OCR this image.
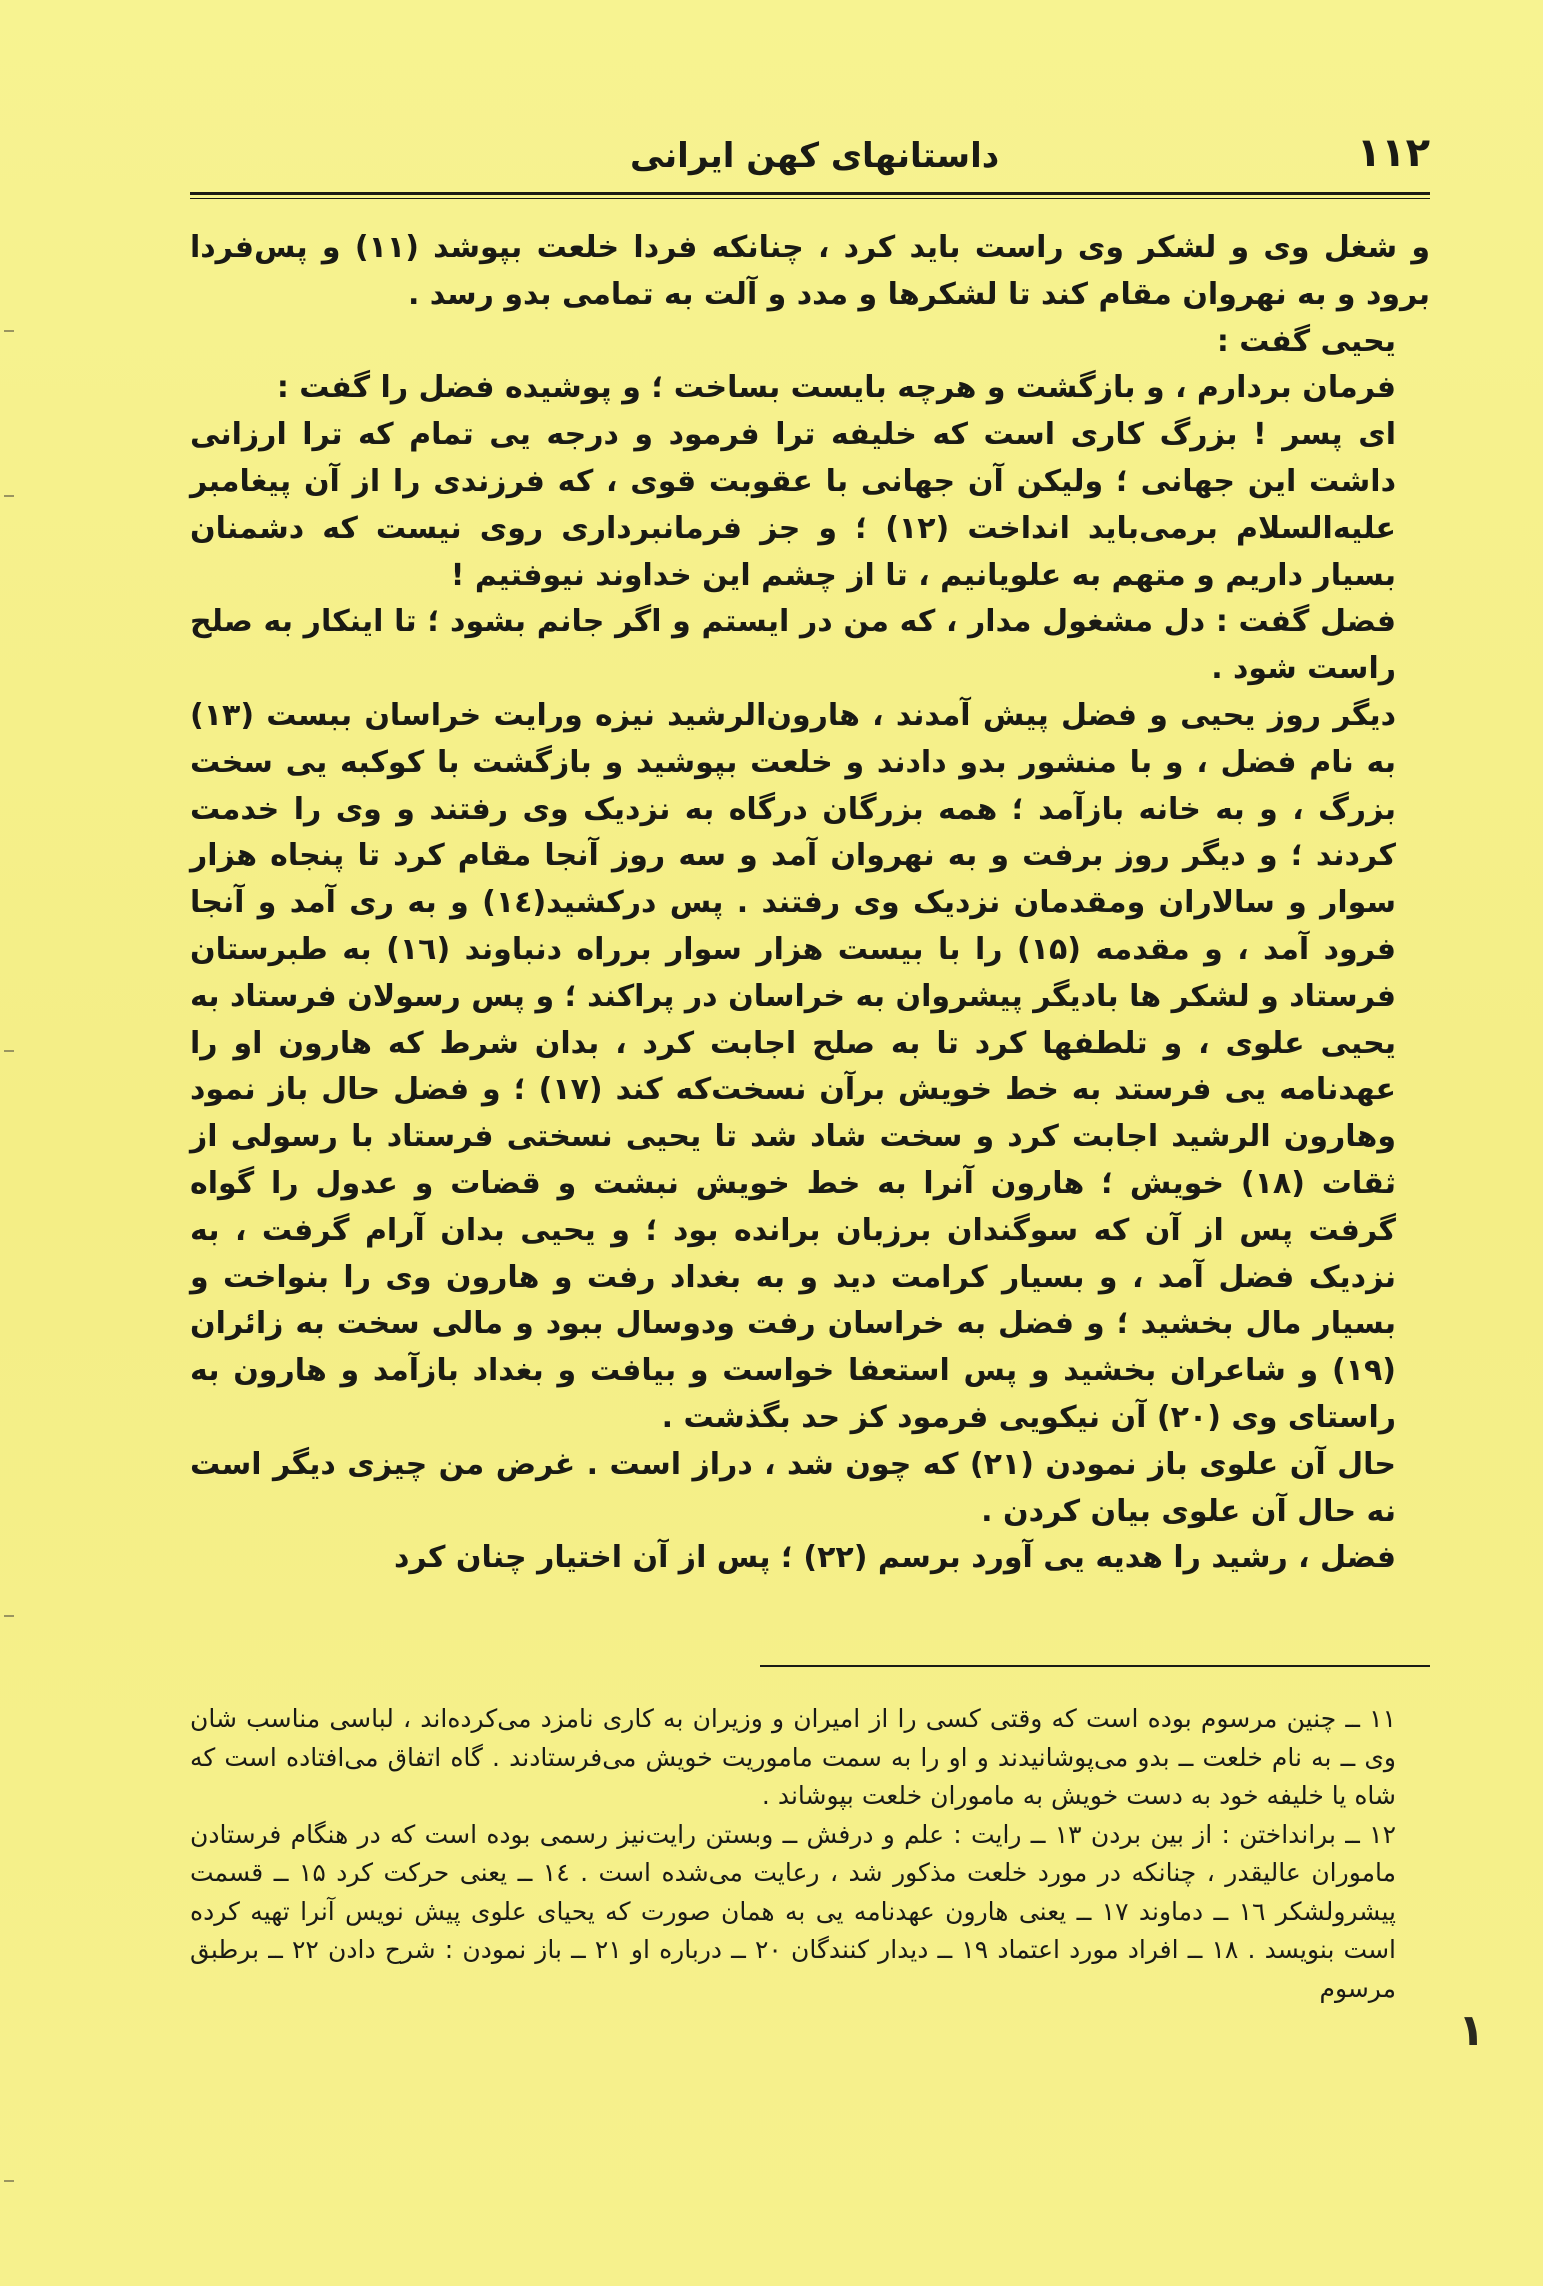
۱۱۲
داستانهای کهن ایرانی

و شغل وی و لشکر وی راست باید کرد ، چنانکه فردا خلعت بپوشد (۱۱) و پس‌فردا برود و به نهروان مقام کند تا لشکرها و مدد و آلت به تمامی بدو رسد .

یحیی گفت :

فرمان بردارم ، و بازگشت و هرچه بایست بساخت ؛ و پوشیده فضل را گفت :

ای پسر ! بزرگ کاری است که خلیفه ترا فرمود و درجه یی تمام که ترا ارزانی داشت این جهانی ؛ ولیکن آن جهانی با عقوبت قوی ، که فرزندی را از آن پیغامبر علیه‌السلام برمی‌باید انداخت (۱۲) ؛ و جز فرمانبرداری روی نیست که دشمنان بسیار داریم و متهم به علویانیم ، تا از چشم این خداوند نیوفتیم !

فضل گفت : دل مشغول مدار ، که من در ایستم و اگر جانم بشود ؛ تا اینکار به صلح راست شود .

دیگر روز یحیی و فضل پیش آمدند ، هارون‌الرشید نیزه ورایت خراسان ببست (۱۳) به نام فضل ، و با منشور بدو دادند و خلعت بپوشید و بازگشت با کوکبه یی سخت بزرگ ، و به خانه بازآمد ؛ همه بزرگان درگاه به نزدیک وی رفتند و وی را خدمت کردند ؛ و دیگر روز برفت و به نهروان آمد و سه روز آنجا مقام کرد تا پنجاه هزار سوار و سالاران ومقدمان نزدیک وی رفتند . پس درکشید(۱٤) و به ری آمد و آنجا فرود آمد ، و مقدمه (۱۵) را با بیست هزار سوار برراه دنباوند (۱٦) به طبرستان فرستاد و لشکر ها بادیگر پیشروان به خراسان در پراکند ؛ و پس رسولان فرستاد به یحیی علوی ، و تلطفها کرد تا به صلح اجابت کرد ، بدان شرط که هارون او را عهدنامه یی فرستد به خط خویش برآن نسخت‌که کند (۱۷) ؛ و فضل حال باز نمود وهارون الرشید اجابت کرد و سخت شاد شد تا یحیی نسختی فرستاد با رسولی از ثقات (۱۸) خویش ؛ هارون آنرا به خط خویش نبشت و قضات و عدول را گواه گرفت پس از آن که سوگندان برزبان برانده بود ؛ و یحیی بدان آرام گرفت ، به نزدیک فضل آمد ، و بسیار کرامت دید و به بغداد رفت و هارون وی را بنواخت و بسیار مال بخشید ؛ و فضل به خراسان رفت ودوسال ببود و مالی سخت به زائران (۱۹) و شاعران بخشید و پس استعفا خواست و بیافت و بغداد بازآمد و هارون به راستای وی (۲۰) آن نیکویی فرمود کز حد بگذشت .

حال آن علوی باز نمودن (۲۱) که چون شد ، دراز است . غرض من چیزی دیگر است نه حال آن علوی بیان کردن .

فضل ، رشید را هدیه یی آورد برسم (۲۲) ؛ پس از آن اختیار چنان کرد

۱۱ ــ چنین مرسوم بوده است که وقتی کسی را از امیران و وزیران به کاری نامزد می‌کرده‌اند ، لباسی مناسب شان وی ــ به نام خلعت ــ بدو می‌پوشانیدند و او را به سمت ماموریت خویش می‌فرستادند . گاه اتفاق می‌افتاده است که شاه یا خلیفه خود به دست خویش به ماموران خلعت بپوشاند .

۱۲ ــ برانداختن : از بین بردن ۱۳ ــ رایت : علم و درفش ــ وبستن رایت‌نیز رسمی بوده است که در هنگام فرستادن ماموران عالیقدر ، چنانکه در مورد خلعت مذکور شد ، رعایت می‌شده است . ۱٤ ــ یعنی حرکت کرد ۱۵ ــ قسمت پیشرولشکر ۱٦ ــ دماوند ۱۷ ــ یعنی هارون عهدنامه یی به همان صورت که یحیای علوی پیش نویس آنرا تهیه کرده است بنویسد . ۱۸ ــ افراد مورد اعتماد ۱۹ ــ دیدار کنندگان ۲۰ ــ درباره او ۲۱ ــ باز نمودن : شرح دادن ۲۲ ــ برطبق مرسوم

۱
